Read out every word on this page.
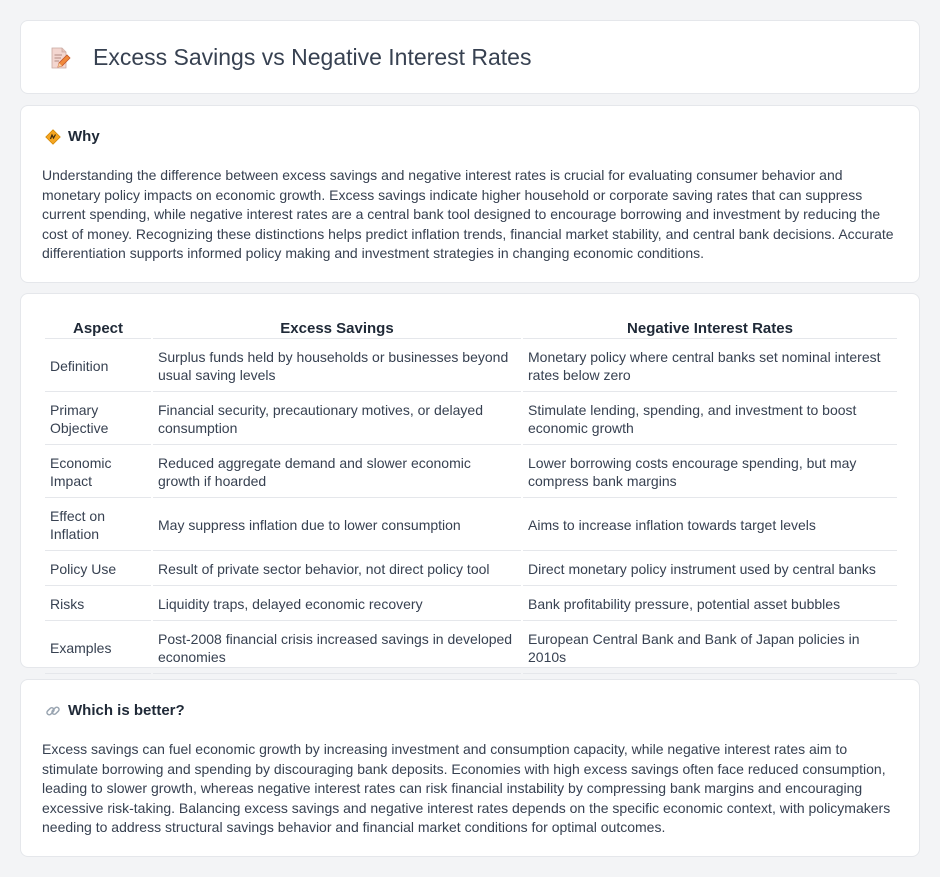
Excess Savings vs Negative Interest Rates
Why

Understanding the difference between excess savings and negative interest rates is crucial for evaluating consumer behavior and monetary policy impacts on economic growth. Excess savings indicate higher household or corporate saving rates that can suppress current spending, while negative interest rates are a central bank tool designed to encourage borrowing and investment by reducing the cost of money. Recognizing these distinctions helps predict inflation trends, financial market stability, and central bank decisions. Accurate differentiation supports informed policy making and investment strategies in changing economic conditions.

Aspect	Excess Savings	Negative Interest Rates
Definition	Surplus funds held by households or businesses beyond usual saving levels	Monetary policy where central banks set nominal interest rates below zero
Primary Objective	Financial security, precautionary motives, or delayed consumption	Stimulate lending, spending, and investment to boost economic growth
Economic Impact	Reduced aggregate demand and slower economic growth if hoarded	Lower borrowing costs encourage spending, but may compress bank margins
Effect on Inflation	May suppress inflation due to lower consumption	Aims to increase inflation towards target levels
Policy Use	Result of private sector behavior, not direct policy tool	Direct monetary policy instrument used by central banks
Risks	Liquidity traps, delayed economic recovery	Bank profitability pressure, potential asset bubbles
Examples	Post-2008 financial crisis increased savings in developed economies	European Central Bank and Bank of Japan policies in 2010s
Which is better?

Excess savings can fuel economic growth by increasing investment and consumption capacity, while negative interest rates aim to stimulate borrowing and spending by discouraging bank deposits. Economies with high excess savings often face reduced consumption, leading to slower growth, whereas negative interest rates can risk financial instability by compressing bank margins and encouraging excessive risk-taking. Balancing excess savings and negative interest rates depends on the specific economic context, with policymakers needing to address structural savings behavior and financial market conditions for optimal outcomes.
